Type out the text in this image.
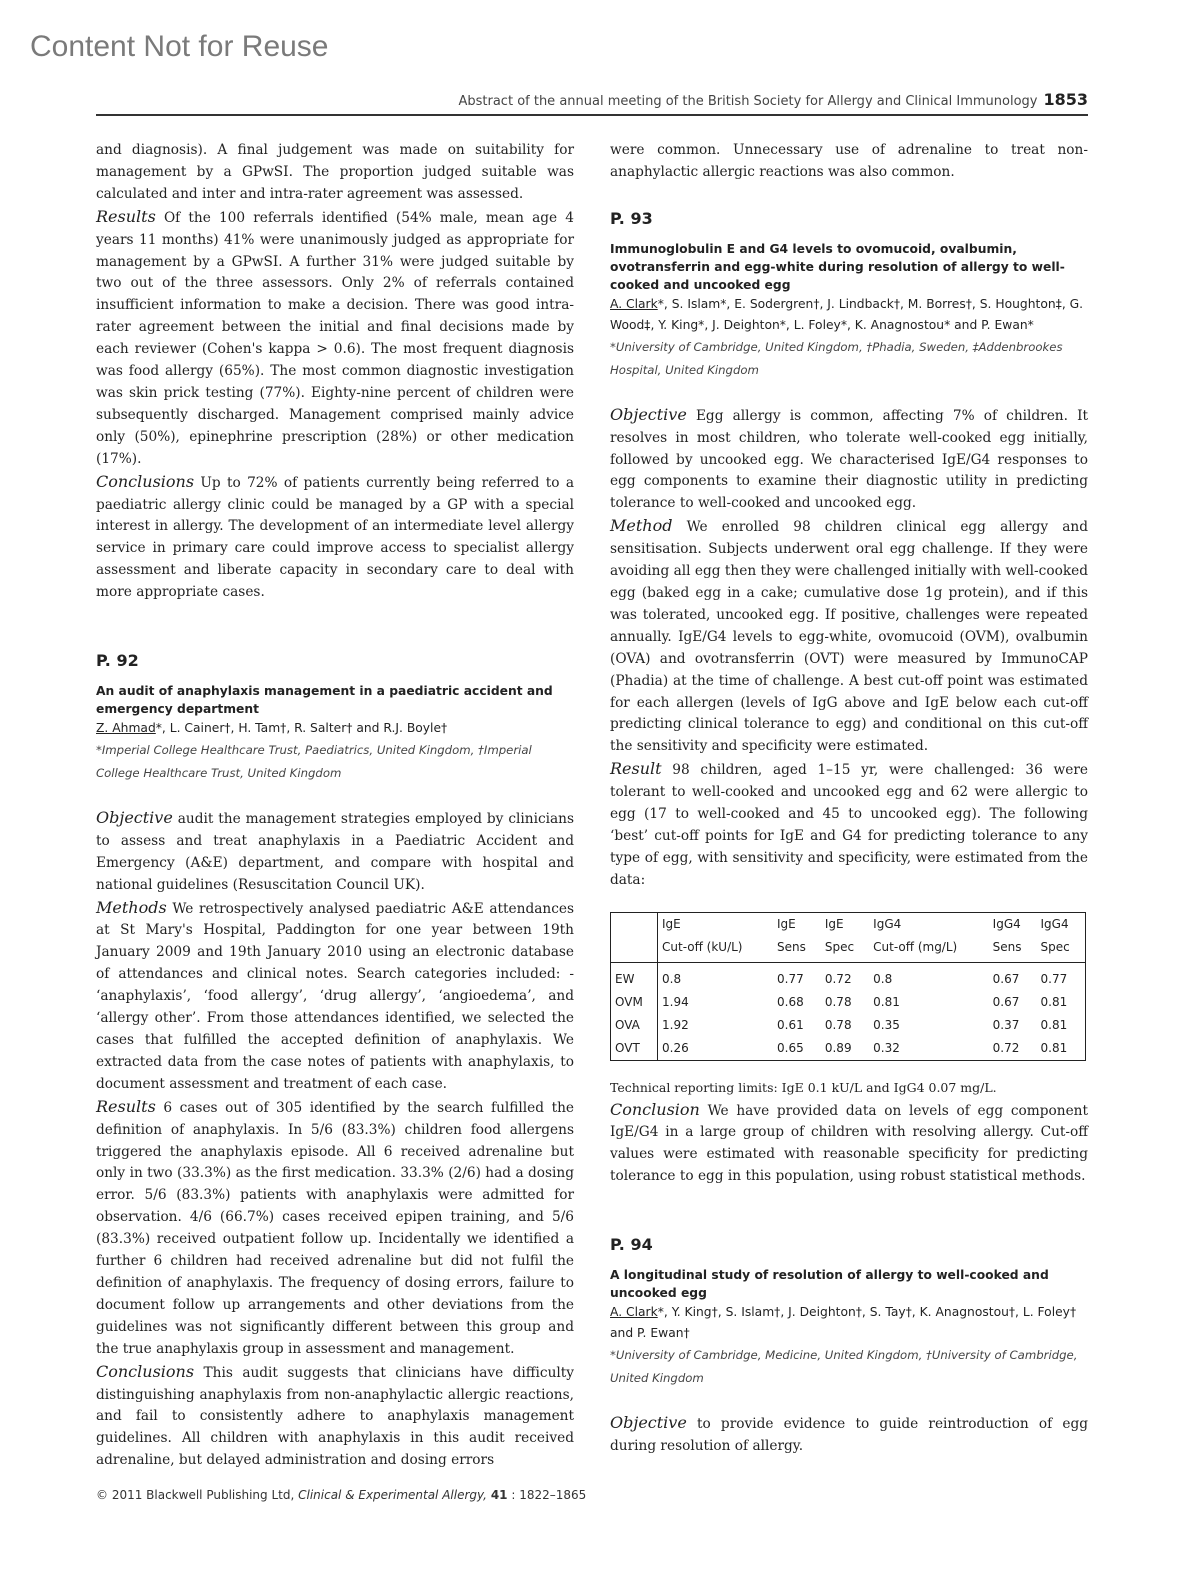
Content Not for Reuse
Abstract of the annual meeting of the British Society for Allergy and Clinical Immunology 1853

and diagnosis). A final judgement was made on suitability for management by a GPwSI. The proportion judged suitable was calculated and inter and intra-rater agreement was assessed.

Results Of the 100 referrals identified (54% male, mean age 4 years 11 months) 41% were unanimously judged as appropriate for management by a GPwSI. A further 31% were judged suitable by two out of the three assessors. Only 2% of referrals contained insufficient information to make a decision. There was good intra-rater agreement between the initial and final decisions made by each reviewer (Cohen's kappa > 0.6). The most frequent diagnosis was food allergy (65%). The most common diagnostic investigation was skin prick testing (77%). Eighty-nine percent of children were subsequently discharged. Management comprised mainly advice only (50%), epinephrine prescription (28%) or other medication (17%).

Conclusions Up to 72% of patients currently being referred to a paediatric allergy clinic could be managed by a GP with a special interest in allergy. The development of an intermediate level allergy service in primary care could improve access to specialist allergy assessment and liberate capacity in secondary care to deal with more appropriate cases.

P. 92
An audit of anaphylaxis management in a paediatric accident and emergency department
Z. Ahmad*, L. Cainer†, H. Tam†, R. Salter† and R.J. Boyle†
*Imperial College Healthcare Trust, Paediatrics, United Kingdom, †Imperial College Healthcare Trust, United Kingdom

Objective audit the management strategies employed by clinicians to assess and treat anaphylaxis in a Paediatric Accident and Emergency (A&E) department, and compare with hospital and national guidelines (Resuscitation Council UK).

Methods We retrospectively analysed paediatric A&E attendances at St Mary's Hospital, Paddington for one year between 19th January 2009 and 19th January 2010 using an electronic database of attendances and clinical notes. Search categories included: - ‘anaphylaxis’, ‘food allergy’, ‘drug allergy’, ‘angioedema’, and ‘allergy other’. From those attendances identified, we selected the cases that fulfilled the accepted definition of anaphylaxis. We extracted data from the case notes of patients with anaphylaxis, to document assessment and treatment of each case.

Results 6 cases out of 305 identified by the search fulfilled the definition of anaphylaxis. In 5/6 (83.3%) children food allergens triggered the anaphylaxis episode. All 6 received adrenaline but only in two (33.3%) as the first medication. 33.3% (2/6) had a dosing error. 5/6 (83.3%) patients with anaphylaxis were admitted for observation. 4/6 (66.7%) cases received epipen training, and 5/6 (83.3%) received outpatient follow up. Incidentally we identified a further 6 children had received adrenaline but did not fulfil the definition of anaphylaxis. The frequency of dosing errors, failure to document follow up arrangements and other deviations from the guidelines was not significantly different between this group and the true anaphylaxis group in assessment and management.

Conclusions This audit suggests that clinicians have difficulty distinguishing anaphylaxis from non-anaphylactic allergic reactions, and fail to consistently adhere to anaphylaxis management guidelines. All children with anaphylaxis in this audit received adrenaline, but delayed administration and dosing errors

were common. Unnecessary use of adrenaline to treat non-anaphylactic allergic reactions was also common.

P. 93
Immunoglobulin E and G4 levels to ovomucoid, ovalbumin, ovotransferrin and egg-white during resolution of allergy to well-cooked and uncooked egg
A. Clark*, S. Islam*, E. Sodergren†, J. Lindback†, M. Borres†, S. Houghton‡, G. Wood‡, Y. King*, J. Deighton*, L. Foley*, K. Anagnostou* and P. Ewan*
*University of Cambridge, United Kingdom, †Phadia, Sweden, ‡Addenbrookes Hospital, United Kingdom

Objective Egg allergy is common, affecting 7% of children. It resolves in most children, who tolerate well-cooked egg initially, followed by uncooked egg. We characterised IgE/G4 responses to egg components to examine their diagnostic utility in predicting tolerance to well-cooked and uncooked egg.

Method We enrolled 98 children clinical egg allergy and sensitisation. Subjects underwent oral egg challenge. If they were avoiding all egg then they were challenged initially with well-cooked egg (baked egg in a cake; cumulative dose 1g protein), and if this was tolerated, uncooked egg. If positive, challenges were repeated annually. IgE/G4 levels to egg-white, ovomucoid (OVM), ovalbumin (OVA) and ovotransferrin (OVT) were measured by ImmunoCAP (Phadia) at the time of challenge. A best cut-off point was estimated for each allergen (levels of IgG above and IgE below each cut-off predicting clinical tolerance to egg) and conditional on this cut-off the sensitivity and specificity were estimated.

Result 98 children, aged 1–15 yr, were challenged: 36 were tolerant to well-cooked and uncooked egg and 62 were allergic to egg (17 to well-cooked and 45 to uncooked egg). The following ‘best’ cut-off points for IgE and G4 for predicting tolerance to any type of egg, with sensitivity and specificity, were estimated from the data:

	IgE	IgE	IgE	IgG4	IgG4	IgG4
	Cut-off (kU/L)	Sens	Spec	Cut-off (mg/L)	Sens	Spec
EW	0.8	0.77	0.72	0.8	0.67	0.77
OVM	1.94	0.68	0.78	0.81	0.67	0.81
OVA	1.92	0.61	0.78	0.35	0.37	0.81
OVT	0.26	0.65	0.89	0.32	0.72	0.81

Technical reporting limits: IgE 0.1 kU/L and IgG4 0.07 mg/L.

Conclusion We have provided data on levels of egg component IgE/G4 in a large group of children with resolving allergy. Cut-off values were estimated with reasonable specificity for predicting tolerance to egg in this population, using robust statistical methods.

P. 94
A longitudinal study of resolution of allergy to well-cooked and uncooked egg
A. Clark*, Y. King†, S. Islam†, J. Deighton†, S. Tay†, K. Anagnostou†, L. Foley† and P. Ewan†
*University of Cambridge, Medicine, United Kingdom, †University of Cambridge, United Kingdom

Objective to provide evidence to guide reintroduction of egg during resolution of allergy.

© 2011 Blackwell Publishing Ltd, Clinical & Experimental Allergy, 41 : 1822–1865
